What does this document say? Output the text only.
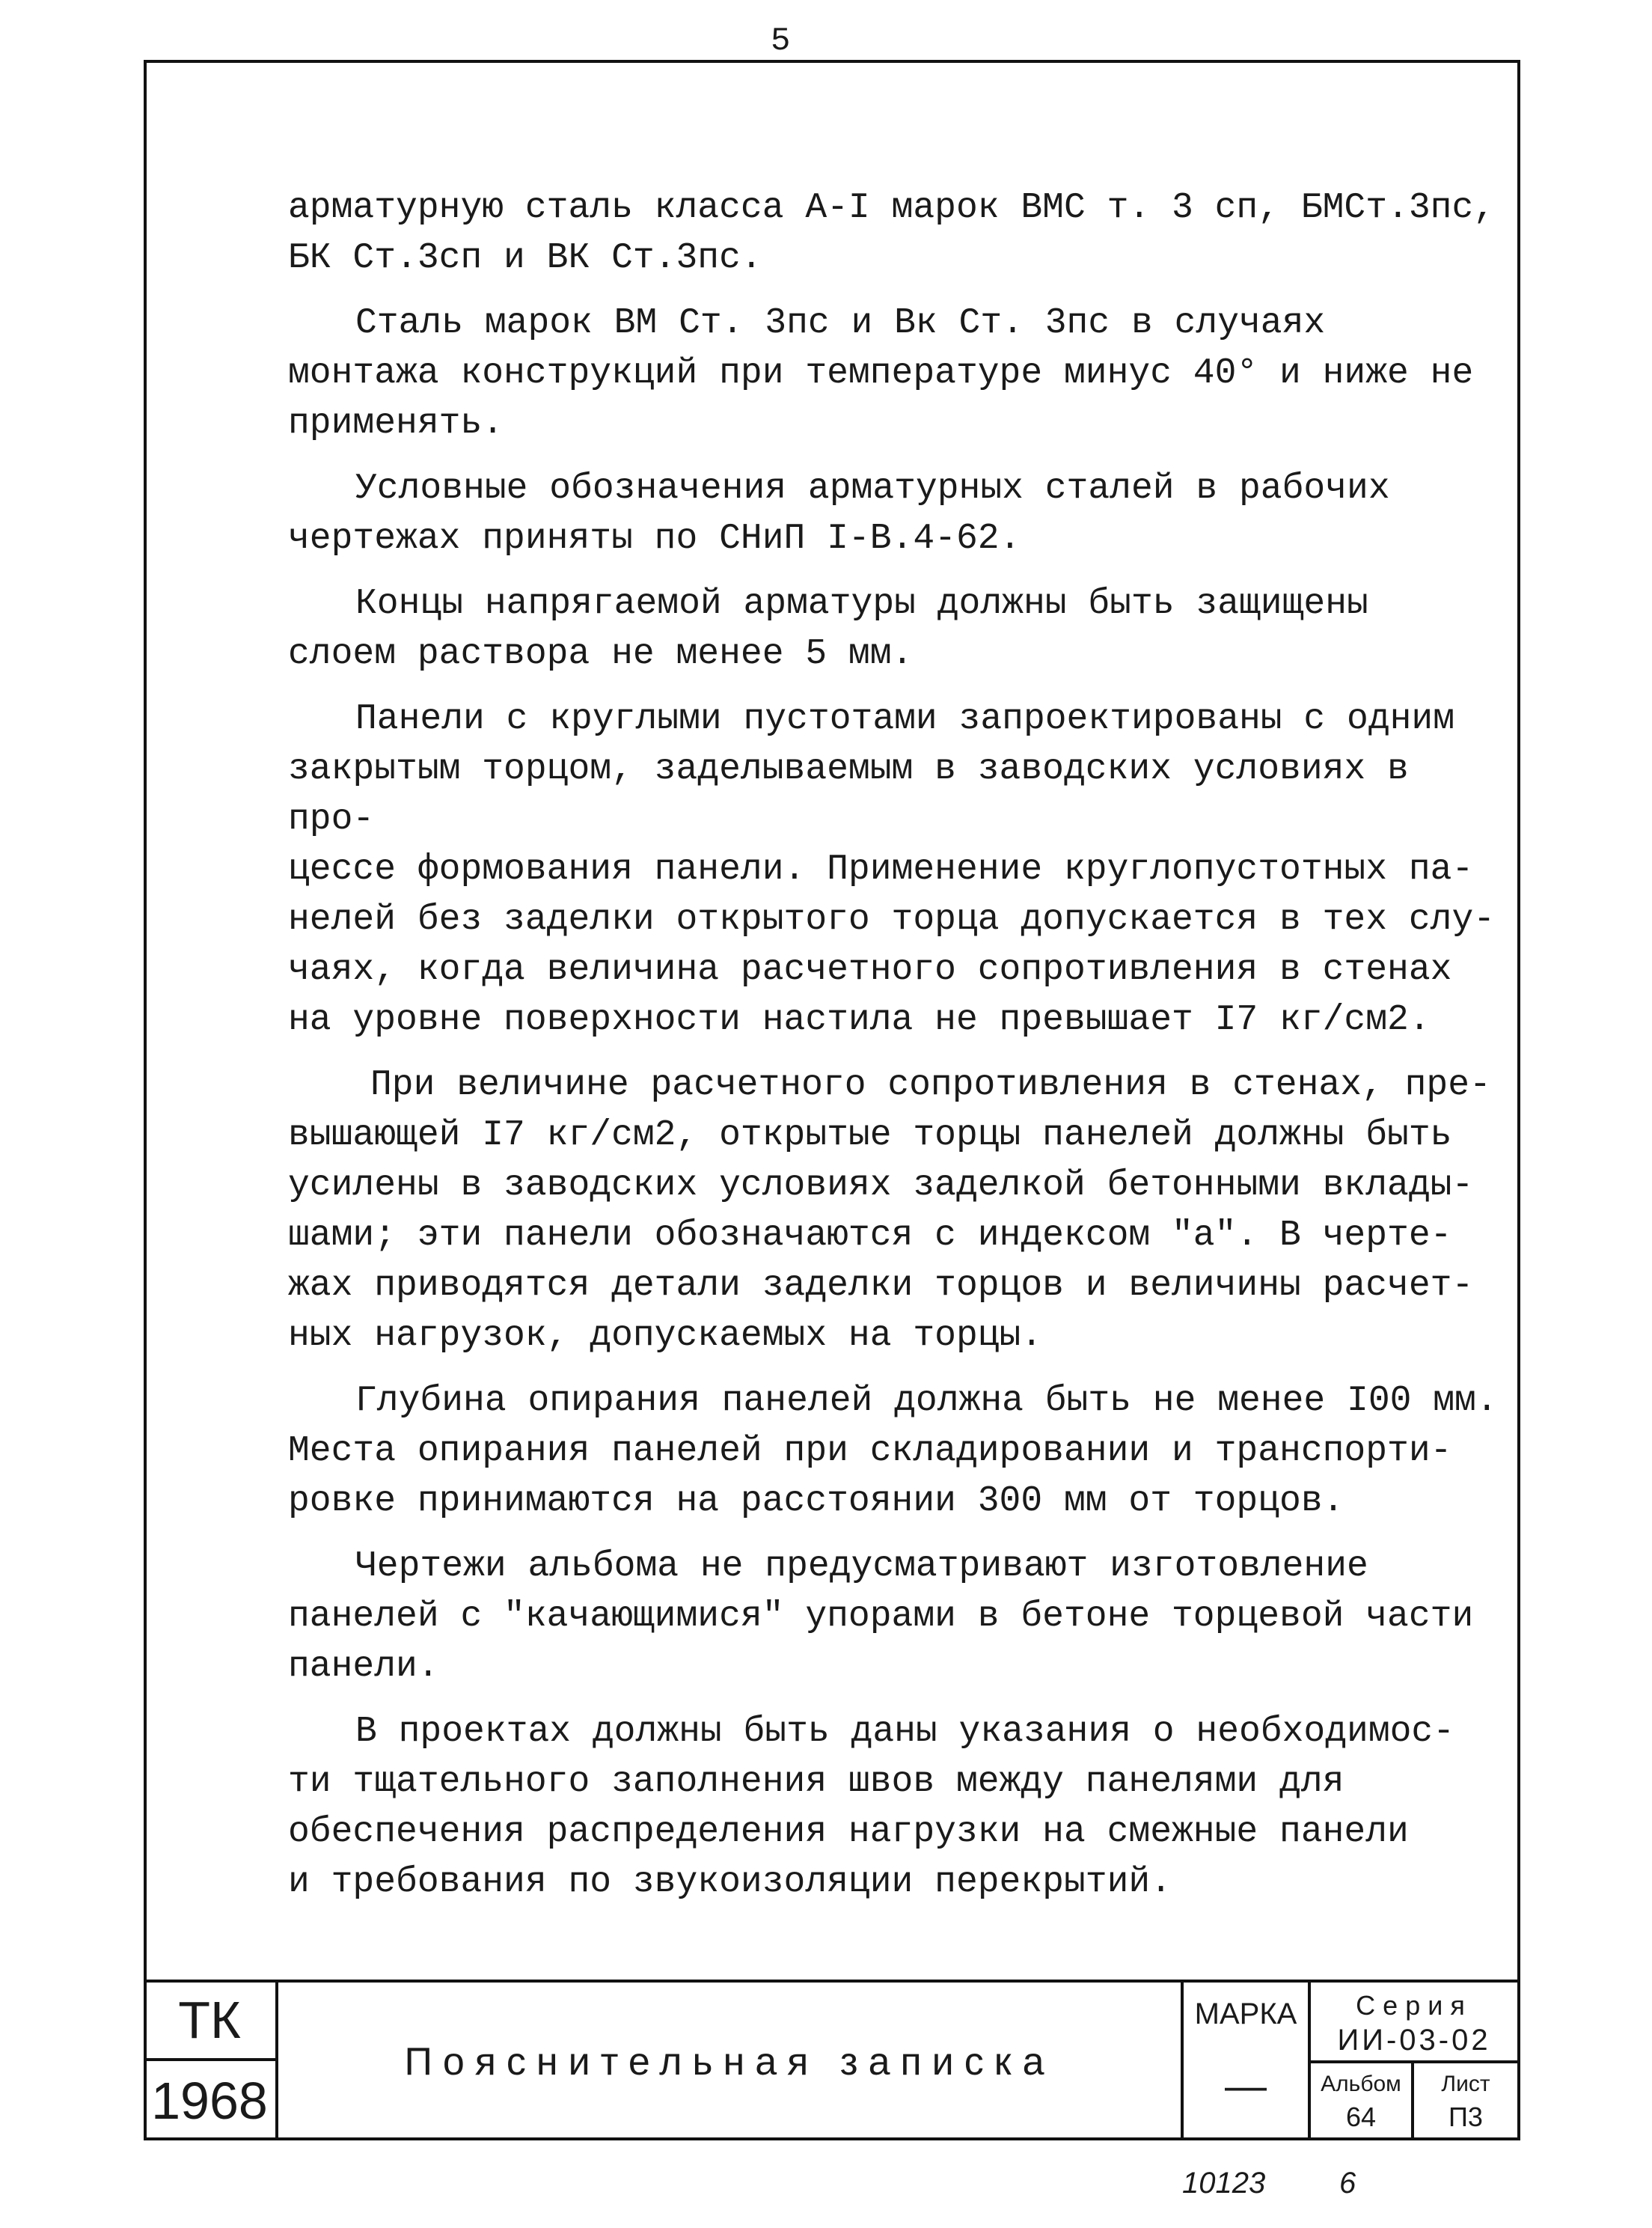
5

арматурную сталь класса А-I марок ВМС т. 3 сп, БМСт.3пс,
БК Ст.3сп и ВК Ст.3пс.

Сталь марок ВМ Ст. 3пс и Вк Ст. 3пс в случаях
монтажа конструкций при температуре минус 40° и ниже не
применять.

Условные обозначения арматурных сталей в рабочих
чертежах приняты по СНиП I-В.4-62.

Концы напрягаемой арматуры должны быть защищены
слоем раствора не менее 5 мм.

Панели с круглыми пустотами запроектированы с одним
закрытым торцом, заделываемым в заводских условиях в про-
цессе формования панели. Применение круглопустотных па-
нелей без заделки открытого торца допускается в тех слу-
чаях, когда величина расчетного сопротивления в стенах
на уровне поверхности настила не превышает I7 кг/см2.

При величине расчетного сопротивления в стенах, пре-
вышающей I7 кг/см2, открытые торцы панелей должны быть
усилены в заводских условиях заделкой бетонными вклады-
шами; эти панели обозначаются с индексом "а". В черте-
жах приводятся детали заделки торцов и величины расчет-
ных нагрузок, допускаемых на торцы.

Глубина опирания панелей должна быть не менее I00 мм.
Места опирания панелей при складировании и транспорти-
ровке принимаются на расстоянии 300 мм от торцов.

Чертежи альбома не предусматривают изготовление
панелей с "качающимися" упорами в бетоне торцевой части
панели.

В проектах должны быть даны указания о необходимос-
ти тщательного заполнения швов между панелями для
обеспечения распределения нагрузки на смежные панели
и требования по звукоизоляции перекрытий.

ТК
1968
Пояснительная записка
МАРКА
—
Серия
ИИ-03-02
Альбом
64
Лист
П3
10123 6
